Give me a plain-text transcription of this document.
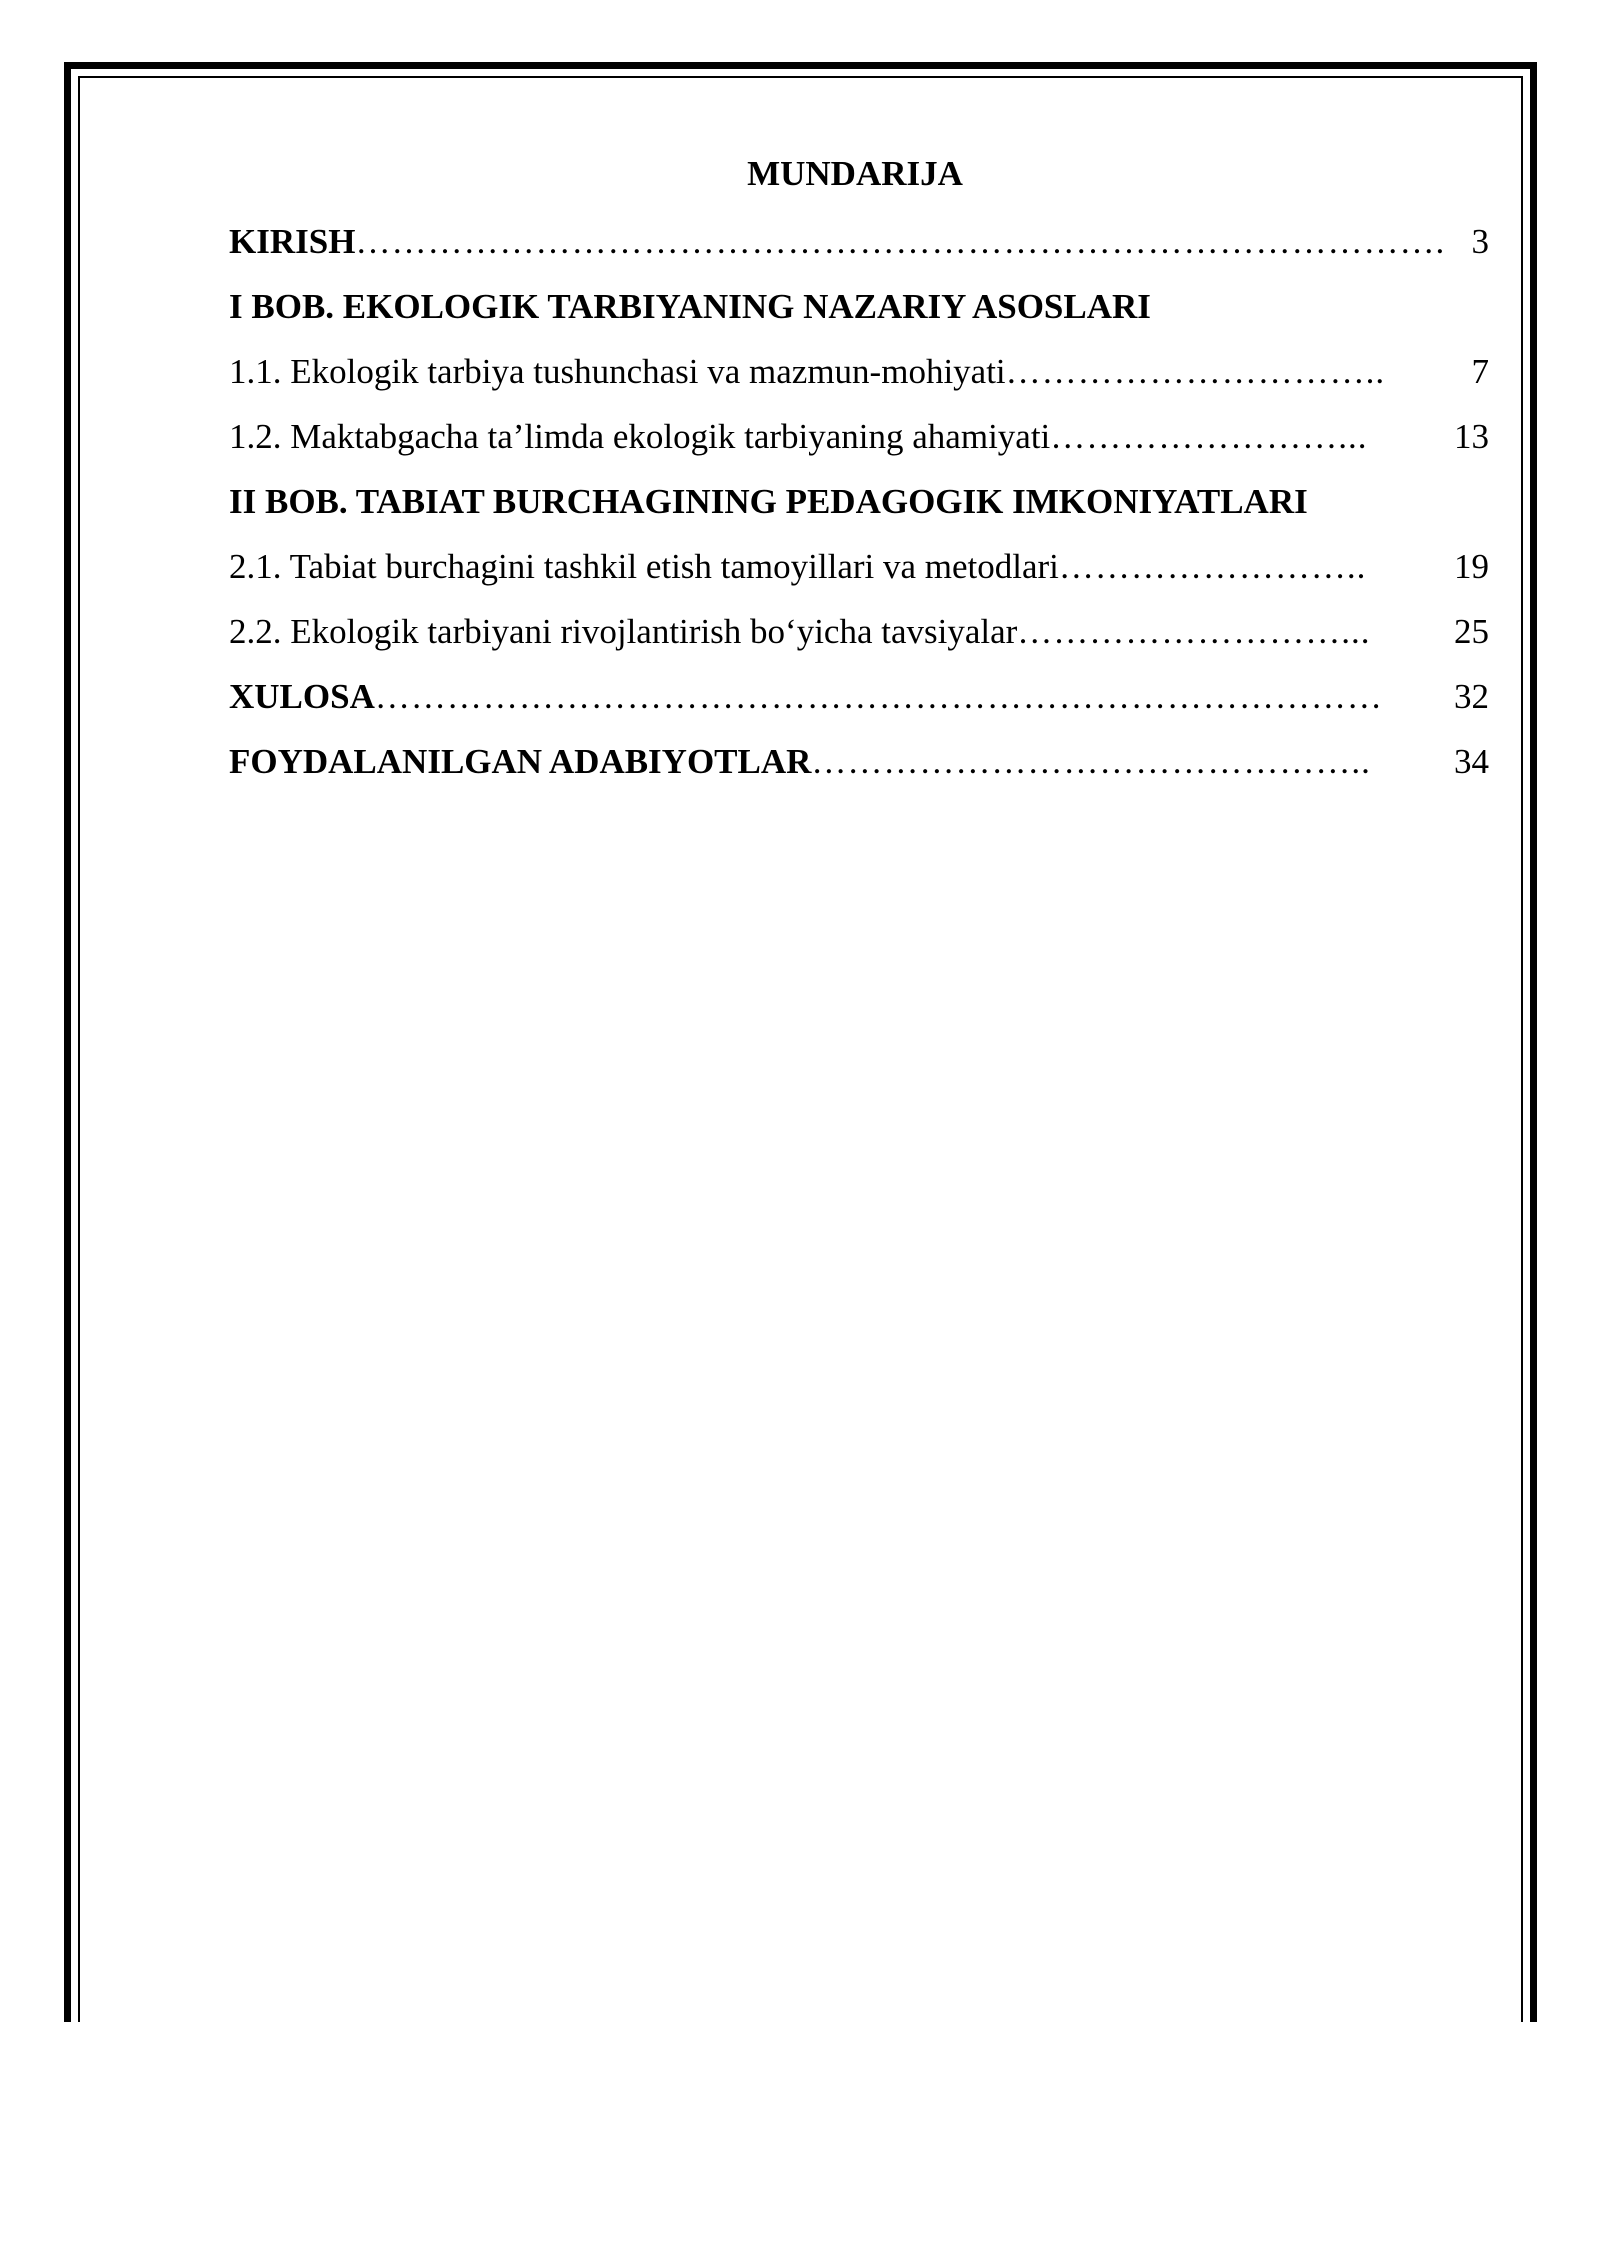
MUNDARIJA
KIRISH ………………………………………………………………………………. 3
I BOB. EKOLOGIK TARBIYANING NAZARIY ASOSLARI
1.1. Ekologik tarbiya tushunchasi va mazmun-mohiyati …………………………..	7
1.2. Maktabgacha ta’limda ekologik tarbiyaning ahamiyati ……………………...	13
II BOB. TABIAT BURCHAGINING PEDAGOGIK IMKONIYATLARI
2.1. Tabiat burchagini tashkil etish tamoyillari va metodlari ……………………..	19
2.2. Ekologik tarbiyani rivojlantirish bo‘yicha tavsiyalar ………………………...	25
XULOSA …………………………………………………………………………	32
FOYDALANILGAN ADABIYOTLAR ………………………………………..	34
